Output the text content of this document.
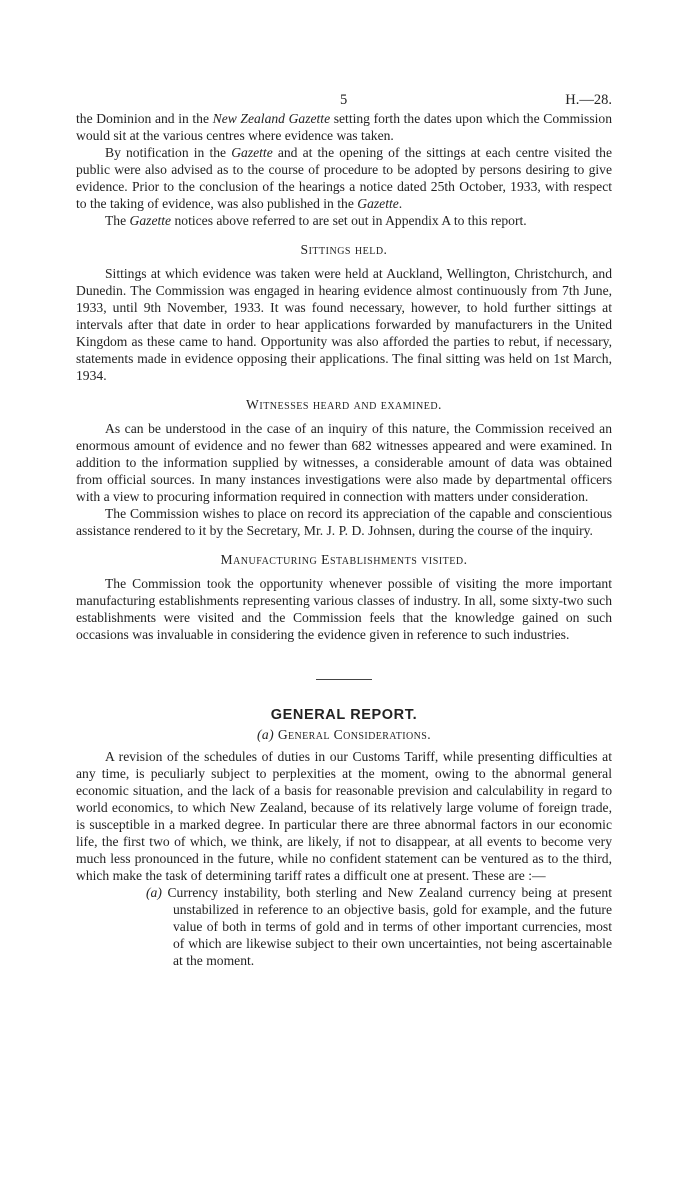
5	H.—28.

the Dominion and in the New Zealand Gazette setting forth the dates upon which the Commission would sit at the various centres where evidence was taken.

By notification in the Gazette and at the opening of the sittings at each centre visited the public were also advised as to the course of procedure to be adopted by persons desiring to give evidence. Prior to the conclusion of the hearings a notice dated 25th October, 1933, with respect to the taking of evidence, was also published in the Gazette.

The Gazette notices above referred to are set out in Appendix A to this report.

Sittings held.

Sittings at which evidence was taken were held at Auckland, Wellington, Christchurch, and Dunedin. The Commission was engaged in hearing evidence almost continuously from 7th June, 1933, until 9th November, 1933. It was found necessary, however, to hold further sittings at intervals after that date in order to hear applications forwarded by manufacturers in the United Kingdom as these came to hand. Opportunity was also afforded the parties to rebut, if necessary, statements made in evidence opposing their applications. The final sitting was held on 1st March, 1934.

Witnesses heard and examined.

As can be understood in the case of an inquiry of this nature, the Commission received an enormous amount of evidence and no fewer than 682 witnesses appeared and were examined. In addition to the information supplied by witnesses, a considerable amount of data was obtained from official sources. In many instances investigations were also made by departmental officers with a view to procuring information required in connection with matters under consideration.

The Commission wishes to place on record its appreciation of the capable and conscientious assistance rendered to it by the Secretary, Mr. J. P. D. Johnsen, during the course of the inquiry.

Manufacturing Establishments visited.

The Commission took the opportunity whenever possible of visiting the more important manufacturing establishments representing various classes of industry. In all, some sixty-two such establishments were visited and the Commission feels that the knowledge gained on such occasions was invaluable in considering the evidence given in reference to such industries.

GENERAL REPORT.
(a) General Considerations.

A revision of the schedules of duties in our Customs Tariff, while presenting difficulties at any time, is peculiarly subject to perplexities at the moment, owing to the abnormal general economic situation, and the lack of a basis for reasonable prevision and calculability in regard to world economics, to which New Zealand, because of its relatively large volume of foreign trade, is susceptible in a marked degree. In particular there are three abnormal factors in our economic life, the first two of which, we think, are likely, if not to disappear, at all events to become very much less pronounced in the future, while no confident statement can be ventured as to the third, which make the task of determining tariff rates a difficult one at present. These are :—

(a) Currency instability, both sterling and New Zealand currency being at present unstabilized in reference to an objective basis, gold for example, and the future value of both in terms of gold and in terms of other important currencies, most of which are likewise subject to their own uncertainties, not being ascertainable at the moment.
